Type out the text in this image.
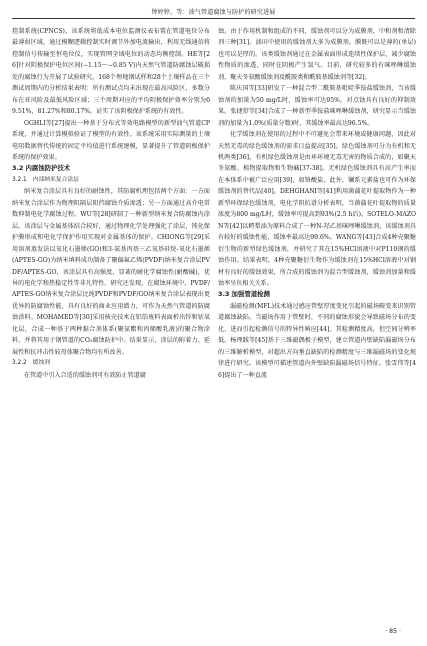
钟婷婷，等：油气管道腐蚀与防护的研究进展

控制系统(CPNCS)，该系统将低成本电位监测仪表布置在管道电位分布最薄弱区域，通过模糊逻辑控制实时调节外加电流输出，利用无线通信将控制信号传输至恒电位仪，实现管网全域电位的动态均衡控制。HE等[26]针对阴极保护电位区间(−1.15～−0.85 V)内天然气管道防腐蚀层破损处的腐蚀行为开展了试验研究。168个埋地钢试样和28个土壤样品在三个测试周期内的分析结果表明：所有测试点均未出现在最高风险区，多数分布在亚风险及最低风险区域；三个周期对应的平均阴极保护效率分别为69.51%、81.27%和80.17%，证实了该阴极保护系统的有效性。

OGHLI等[27]提出一种基于分布式等效电路模型的新型油气管道CP系统，并通过计算模拟验证了模型的有效性。该系统采用实际测量的土壤电阻数据替代传统的固定平均值进行系统建模，显著提升了管道阴极保护系统的保护效果。

3.2 内腐蚀防护技术
3.2.1 内部纳米复合涂层

纳米复合涂层具有良好的耐蚀性，其防腐机理包括两个方面：一方面纳米复合涂层作为物理阻隔层阻挡腐蚀介质渗透；另一方面通过高介电常数抑制电化学腐蚀过程。WU等[28]研制了一种新型纳米复合防腐蚀内涂层。该涂层与金属基体结合较好，通过物理化学处理强化了涂层，钝化保护膜形成和电化学保护作用实现对金属基体的保护。CHIONG等[29]采用溶剂蒸发法以氧化石墨烯(GO)和3-氨基丙基三乙氧基硅烷-氧化石墨烯(APTES-GO)为纳米填料成功制备了聚偏氟乙烯(PVDF)纳米复合涂层PVDF/APTES-GO，该涂层具有高强度、显著的耐化学腐蚀性(耐酸碱)，优异的电化学和热稳定性等非凡特性。研究还发现，在腐蚀环境中，PVDF/APTES-GO纳米复合涂层比纯PVDF和PVDF/GO纳米复合涂层表现出更优异的防腐蚀性能，具有良好的商业应用潜力，可作为天然气管道的防腐蚀涂料。MOHAMED等[30]采用核壳技术在铝箔废料表面析出锌和钴氧化层，合成一种基于两种黏合剂体系(聚氨酯和丙烯酸乳液)的聚合物涂料，并将其用于钢管道的CO₂腐蚀防护中。结果显示，涂层的附着力、延展性和抗冲击性较母体聚合物均有所改善。

3.2.2 缓蚀剂

在管道中引入合适的缓蚀剂可有效防止管道腐

蚀。由于作用机制和组成的不同，缓蚀剂可以分为成膜剂、中和剂和清除剂三种[31]。油田中使用的缓蚀剂大多为成膜剂。膜既可以是薄的(单层)也可以是厚的。该类缓蚀剂通过在金属表面形成连续性保护层，减少腐蚀性物质的渗透，同时在阴极产生氢气。目前，研究较多的有咪唑啉缓蚀剂、聚天冬氨酸缓蚀剂及酰胺类和酰胺基缓蚀剂等[32]。

陈庆国等[33]研发了一种混合型二酰胺基吡啶季铵盐缓蚀剂，当该缓蚀剂的加量为50 mg/L时，缓蚀率可达95%，对点蚀具有良好的抑制效果。张捷舒等[34]合成了一种新型季铵盐咪唑啉缓蚀剂，研究显示当缓蚀剂的加量为1.0%(质量分数)时，其缓蚀率最高达96.5%。

化学缓蚀剂在使用的过程中不可避免会带来环境或健康问题，因此对天然无毒的绿色缓蚀剂的需求日益提高[35]。绿色缓蚀剂可分为有机和无机两类[36]。有机绿色缓蚀剂是由环环境无毒无害的物质合成的，如聚天冬氨酸、植物提取物和生物碱[37-38]。无机绿色缓蚀剂具有高产生率而在本体系中被广泛应用[39]，如铬酸盐、此外，镧系元素盐也可作为环保缓蚀剂的替代品[40]。DEHGHANI等[41]利用菌蒲花叶提取物作为一种新型环保绿色缓蚀剂，电化学阻抗谱分析表明，当菌蒲花叶提取物的质量浓度为800 mg/L时，缓蚀率可提高到93%(2.5 h后)。SOTELO-MAZON等[42]以鳄梨油为原料合成了一种N-羟乙基咪唑啉缓蚀剂，该缓蚀剂具有较好的缓蚀性能，缓蚀率最高达99.6%。WANG等[43]合成4种壳聚糖衍生物的新型绿色缓蚀剂，并研究了其在15%HCl溶液中对P110钢的缓蚀作用。结果表明，4种壳聚糖衍生物作为缓蚀剂在15%HCl溶液中对钢材有良好的缓蚀效果，所合成的缓蚀剂为混合型缓蚀剂，缓蚀剂加量和缓蚀率呈负相关关系。

3.3 加强管道检测

漏磁检测(MFL)技术通过感应管壁厚度变化引起的磁场畸变来识别管道腐蚀缺陷。当磁场作用于管壁时，不同的腐蚀形貌会导致磁场分布的变化，进而引起检测信号的特异性响应[44]。其检测精度高，但空间分辨率低。杨理践等[45]基于三维磁偶极子模型，建立管道内壁缺陷漏磁场分布的三维解析模型，对超出方向垂直缺陷的检测精度与三维漏磁场的变化规律进行研究。该模型可描述管道内外壁缺陷漏磁场信号特征。张雪伟等[46]提出了一种直流

· 85 ·
